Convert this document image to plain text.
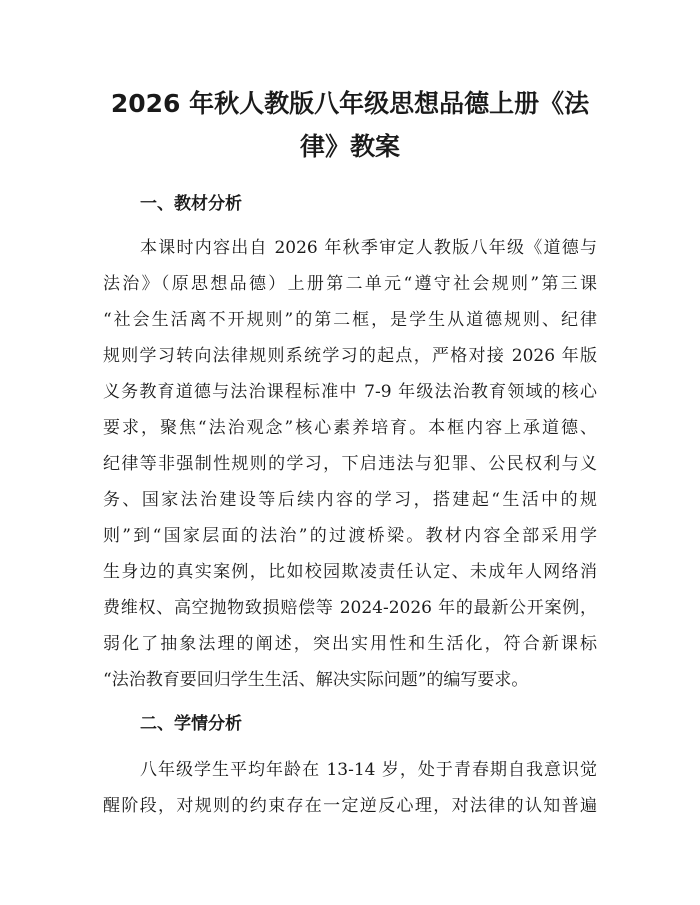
2026 年秋人教版八年级思想品德上册《法
律》教案
一、教材分析
本课时内容出自 2026 年秋季审定人教版八年级《道德与
法治》（原思想品德）上册第二单元“遵守社会规则”第三课
“社会生活离不开规则”的第二框，是学生从道德规则、纪律
规则学习转向法律规则系统学习的起点，严格对接 2026 年版
义务教育道德与法治课程标准中 7-9 年级法治教育领域的核心
要求，聚焦“法治观念”核心素养培育。本框内容上承道德、
纪律等非强制性规则的学习，下启违法与犯罪、公民权利与义
务、国家法治建设等后续内容的学习，搭建起“生活中的规
则”到“国家层面的法治”的过渡桥梁。教材内容全部采用学
生身边的真实案例，比如校园欺凌责任认定、未成年人网络消
费维权、高空抛物致损赔偿等 2024-2026 年的最新公开案例，
弱化了抽象法理的阐述，突出实用性和生活化，符合新课标
“法治教育要回归学生生活、解决实际问题”的编写要求。
二、学情分析
八年级学生平均年龄在 13-14 岁，处于青春期自我意识觉
醒阶段，对规则的约束存在一定逆反心理，对法律的认知普遍
